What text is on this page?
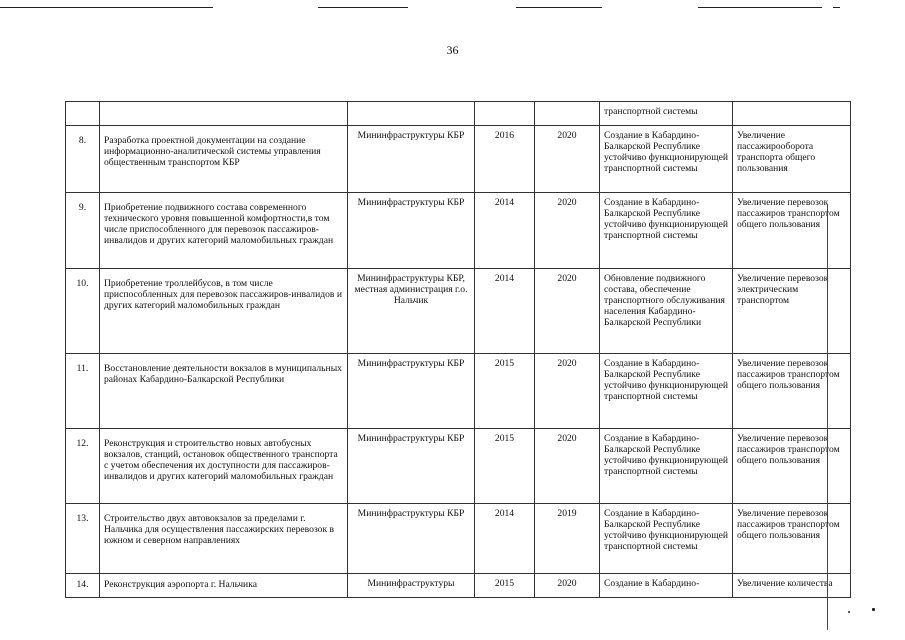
36
					транспортной системы	
8.	Разработка проектной документации на создание информационно-аналитической системы управления общественным транспортом КБР	Мининфраструктуры КБР	2016	2020	Создание в Кабардино-Балкарской Республике устойчиво функционирующей транспортной системы	Увеличение пассажирооборота транспорта общего пользования
9.	Приобретение подвижного состава современного технического уровня повышенной комфортности,в том числе приспособленного для перевозок пассажиров-инвалидов и других категорий маломобильных граждан	Мининфраструктуры КБР	2014	2020	Создание в Кабардино-Балкарской Республике устойчиво функционирующей транспортной системы	Увеличение перевозок пассажиров транспортом общего пользования
10.	Приобретение троллейбусов, в том числе приспособленных для перевозок пассажиров-инвалидов и других категорий маломобильных граждан	Мининфраструктуры КБР, местная администрация г.о. Нальчик	2014	2020	Обновление подвижного состава, обеспечение транспортного обслуживания населения Кабардино-Балкарской Республики	Увеличение перевозок электрическим транспортом
11.	Восстановление деятельности вокзалов в муниципальных районах Кабардино-Балкарской Республики	Мининфраструктуры КБР	2015	2020	Создание в Кабардино-Балкарской Республике устойчиво функционирующей транспортной системы	Увеличение перевозок пассажиров транспортом общего пользования
12.	Реконструкция и строительство новых автобусных вокзалов, станций, остановок общественного транспорта с учетом обеспечения их доступности для пассажиров-инвалидов и других категорий маломобильных граждан	Мининфраструктуры КБР	2015	2020	Создание в Кабардино-Балкарской Республике устойчиво функционирующей транспортной системы	Увеличение перевозок пассажиров транспортом общего пользования
13.	Строительство двух автовокзалов за пределами г. Нальчика для осуществления пассажирских перевозок в южном и северном направлениях	Мининфраструктуры КБР	2014	2019	Создание в Кабардино-Балкарской Республике устойчиво функционирующей транспортной системы	Увеличение перевозок пассажиров транспортом общего пользования
14.	Реконструкция аэропорта г. Нальчика	Мининфраструктуры	2015	2020	Создание в Кабардино-	Увеличение количества
